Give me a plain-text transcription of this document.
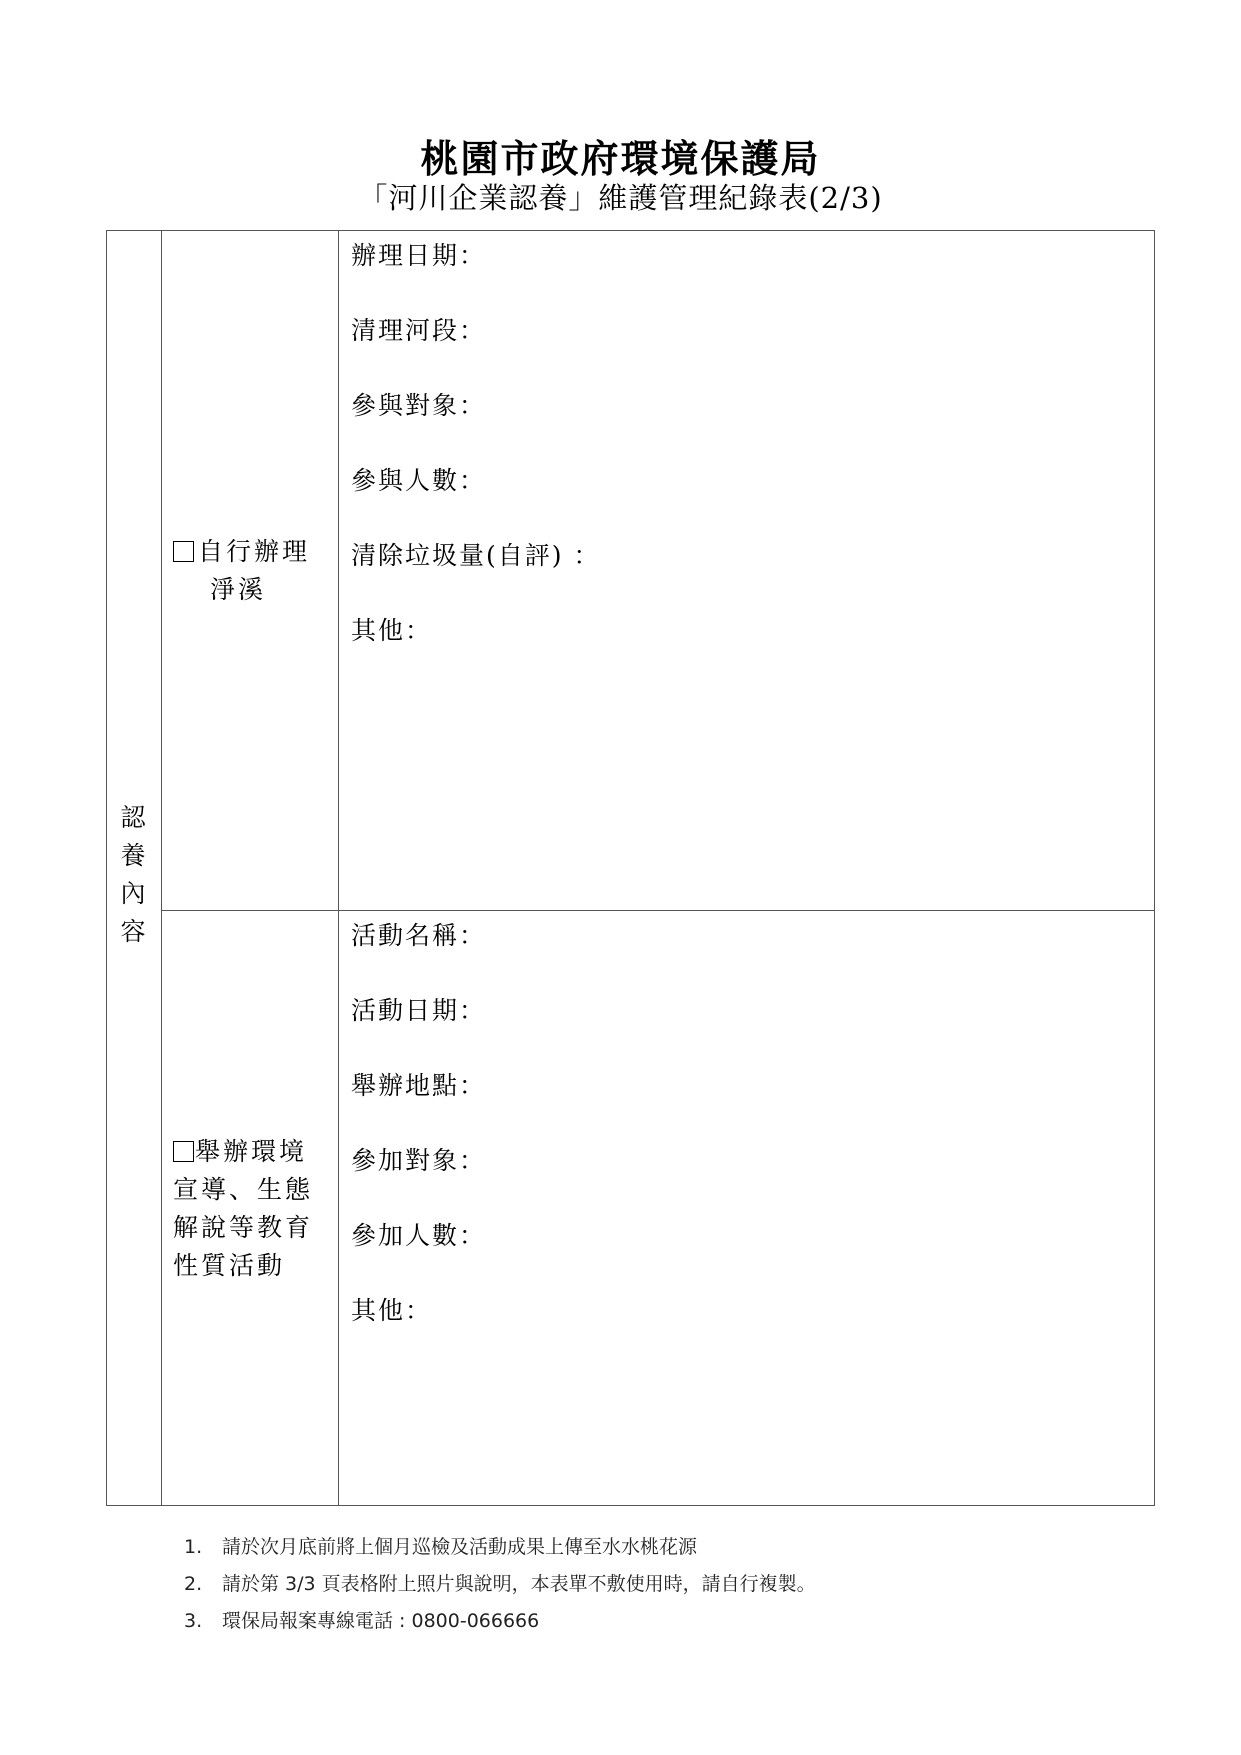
桃園市政府環境保護局
「河川企業認養」維護管理紀錄表(2/3)
認
養
內
容
自行辦理
淨溪
辦理日期：
清理河段：
參與對象：
參與人數：
清除垃圾量(自評) ：
其他：
舉辦環境
宣導、生態
解說等教育
性質活動
活動名稱：
活動日期：
舉辦地點：
參加對象：
參加人數：
其他：
1. 請於次月底前將上個月巡檢及活動成果上傳至水水桃花源
2. 請於第 3/3 頁表格附上照片與說明，本表單不敷使用時，請自行複製。
3. 環保局報案專線電話 : 0800-066666
